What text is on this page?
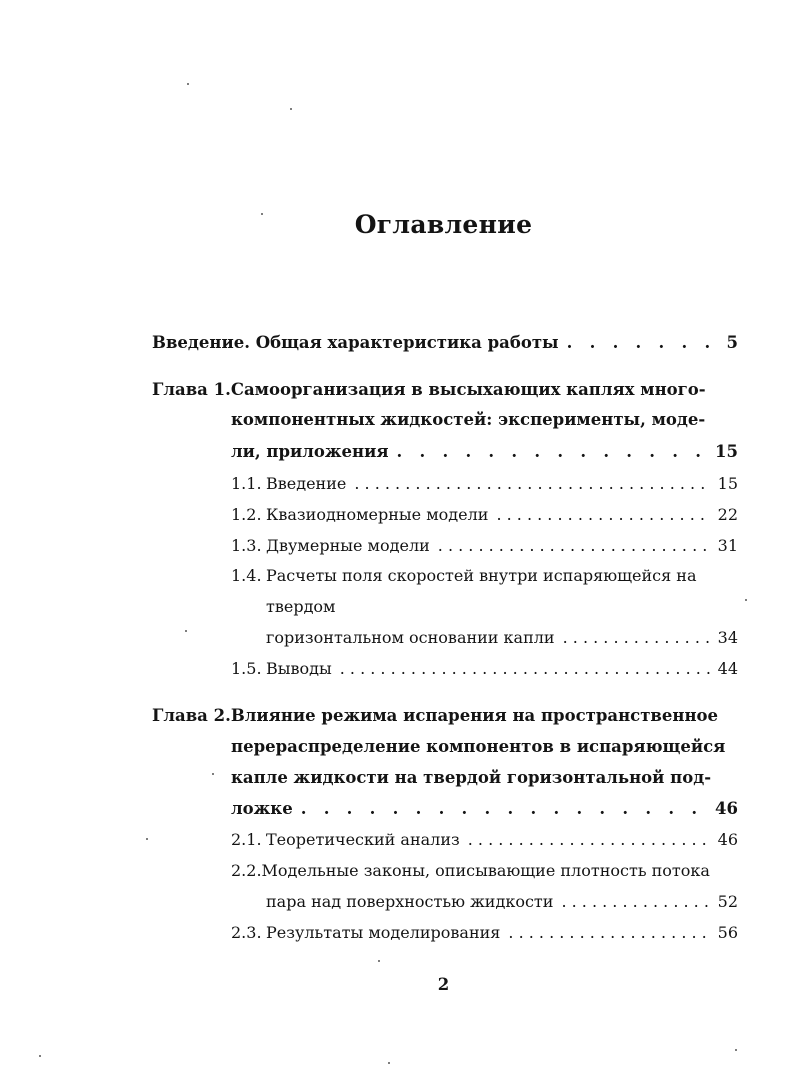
Оглавление
Введение. Общая характеристика работы . .	5
Глава 1. Самоорганизация в высыхающих каплях много-
компонентных жидкостей: эксперименты, моде-
ли, приложения . .	15
1.1. Введение . . .	15
1.2. Квазиодномерные модели . . .	22
1.3. Двумерные модели . . .	31
1.4. Расчеты поля скоростей внутри испаряющейся на
твердом
горизонтальном основании капли . . .	34
1.5. Выводы . . .	44
Глава 2. Влияние режима испарения на пространственное
перераспределение компонентов в испаряющейся
капле жидкости на твердой горизонтальной под-
ложке . .	46
2.1. Теоретический анализ . . .	46
2.2. Модельные законы, описывающие плотность потока
пара над поверхностью жидкости . . .	52
2.3. Результаты моделирования . . .	56
2
